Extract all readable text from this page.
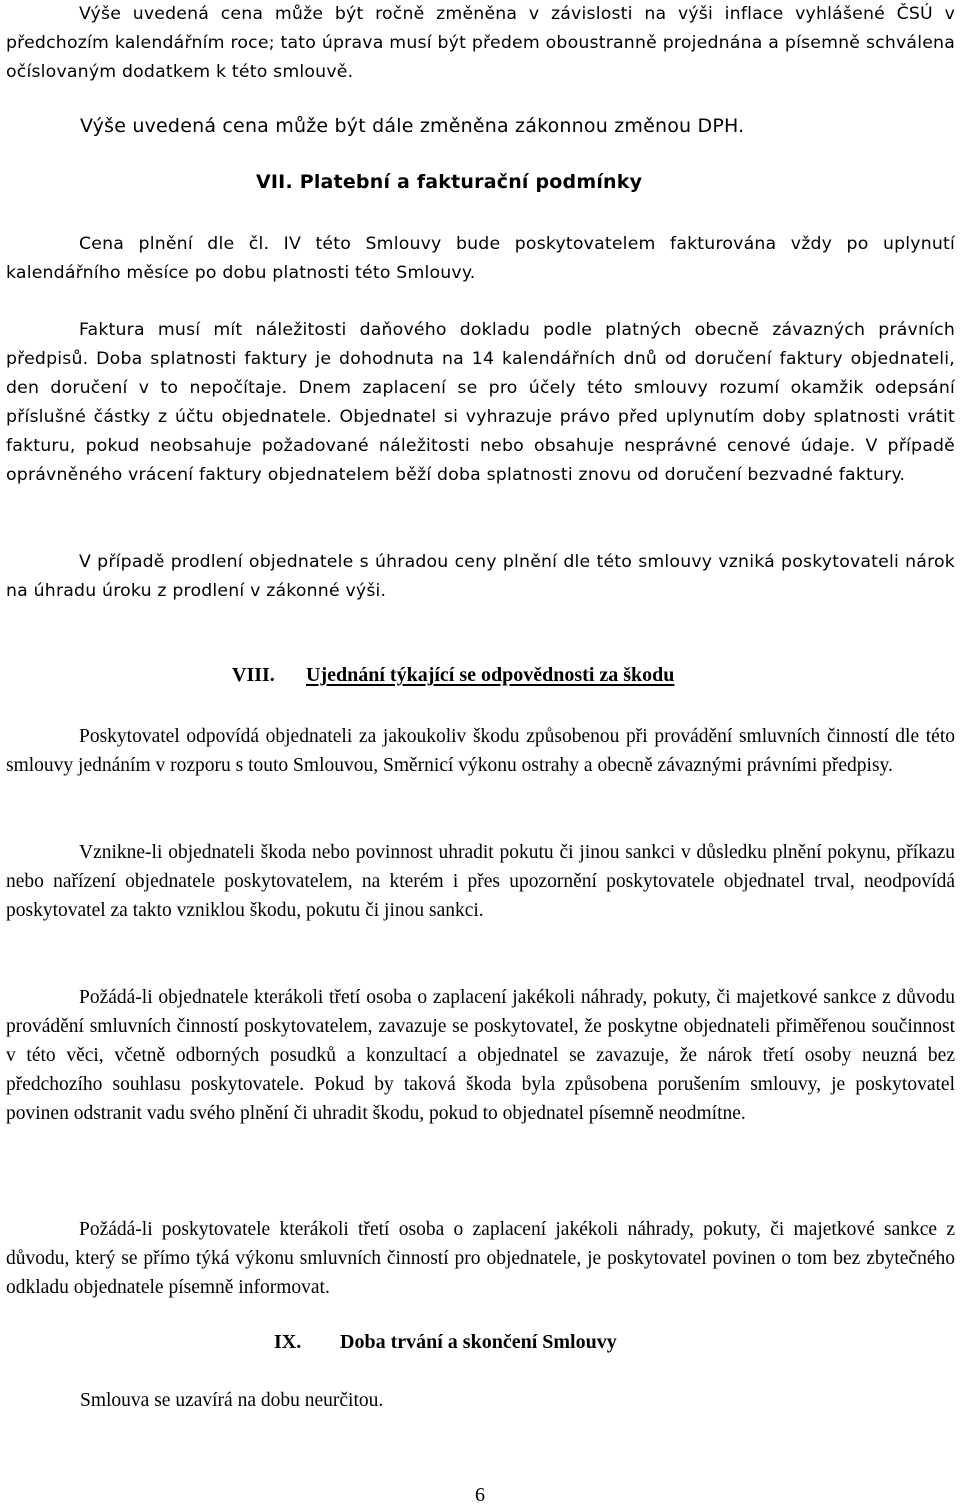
Výše uvedená cena může být ročně změněna v závislosti na výši inflace vyhlášené ČSÚ v předchozím kalendářním roce; tato úprava musí být předem oboustranně projednána a písemně schválena očíslovaným dodatkem k této smlouvě.

Výše uvedená cena může být dále změněna zákonnou změnou DPH.

VII. Platební a fakturační podmínky

Cena plnění dle čl. IV této Smlouvy bude poskytovatelem fakturována vždy po uplynutí kalendářního měsíce po dobu platnosti této Smlouvy.

Faktura musí mít náležitosti daňového dokladu podle platných obecně závazných právních předpisů. Doba splatnosti faktury je dohodnuta na 14 kalendářních dnů od doručení faktury objednateli, den doručení v to nepočítaje. Dnem zaplacení se pro účely této smlouvy rozumí okamžik odepsání příslušné částky z účtu objednatele. Objednatel si vyhrazuje právo před uplynutím doby splatnosti vrátit fakturu, pokud neobsahuje požadované náležitosti nebo obsahuje nesprávné cenové údaje. V případě oprávněného vrácení faktury objednatelem běží doba splatnosti znovu od doručení bezvadné faktury.

V případě prodlení objednatele s úhradou ceny plnění dle této smlouvy vzniká poskytovateli nárok na úhradu úroku z prodlení v zákonné výši.

VIII. Ujednání týkající se odpovědnosti za škodu

Poskytovatel odpovídá objednateli za jakoukoliv škodu způsobenou při provádění smluvních činností dle této smlouvy jednáním v rozporu s touto Smlouvou, Směrnicí výkonu ostrahy a obecně závaznými právními předpisy.

Vznikne-li objednateli škoda nebo povinnost uhradit pokutu či jinou sankci v důsledku plnění pokynu, příkazu nebo nařízení objednatele poskytovatelem, na kterém i přes upozornění poskytovatele objednatel trval, neodpovídá poskytovatel za takto vzniklou škodu, pokutu či jinou sankci.

Požádá-li objednatele kterákoli třetí osoba o zaplacení jakékoli náhrady, pokuty, či majetkové sankce z důvodu provádění smluvních činností poskytovatelem, zavazuje se poskytovatel, že poskytne objednateli přiměřenou součinnost v této věci, včetně odborných posudků a konzultací a objednatel se zavazuje, že nárok třetí osoby neuzná bez předchozího souhlasu poskytovatele. Pokud by taková škoda byla způsobena porušením smlouvy, je poskytovatel povinen odstranit vadu svého plnění či uhradit škodu, pokud to objednatel písemně neodmítne.

Požádá-li poskytovatele kterákoli třetí osoba o zaplacení jakékoli náhrady, pokuty, či majetkové sankce z důvodu, který se přímo týká výkonu smluvních činností pro objednatele, je poskytovatel povinen o tom bez zbytečného odkladu objednatele písemně informovat.

IX. Doba trvání a skončení Smlouvy

Smlouva se uzavírá na dobu neurčitou.

6
